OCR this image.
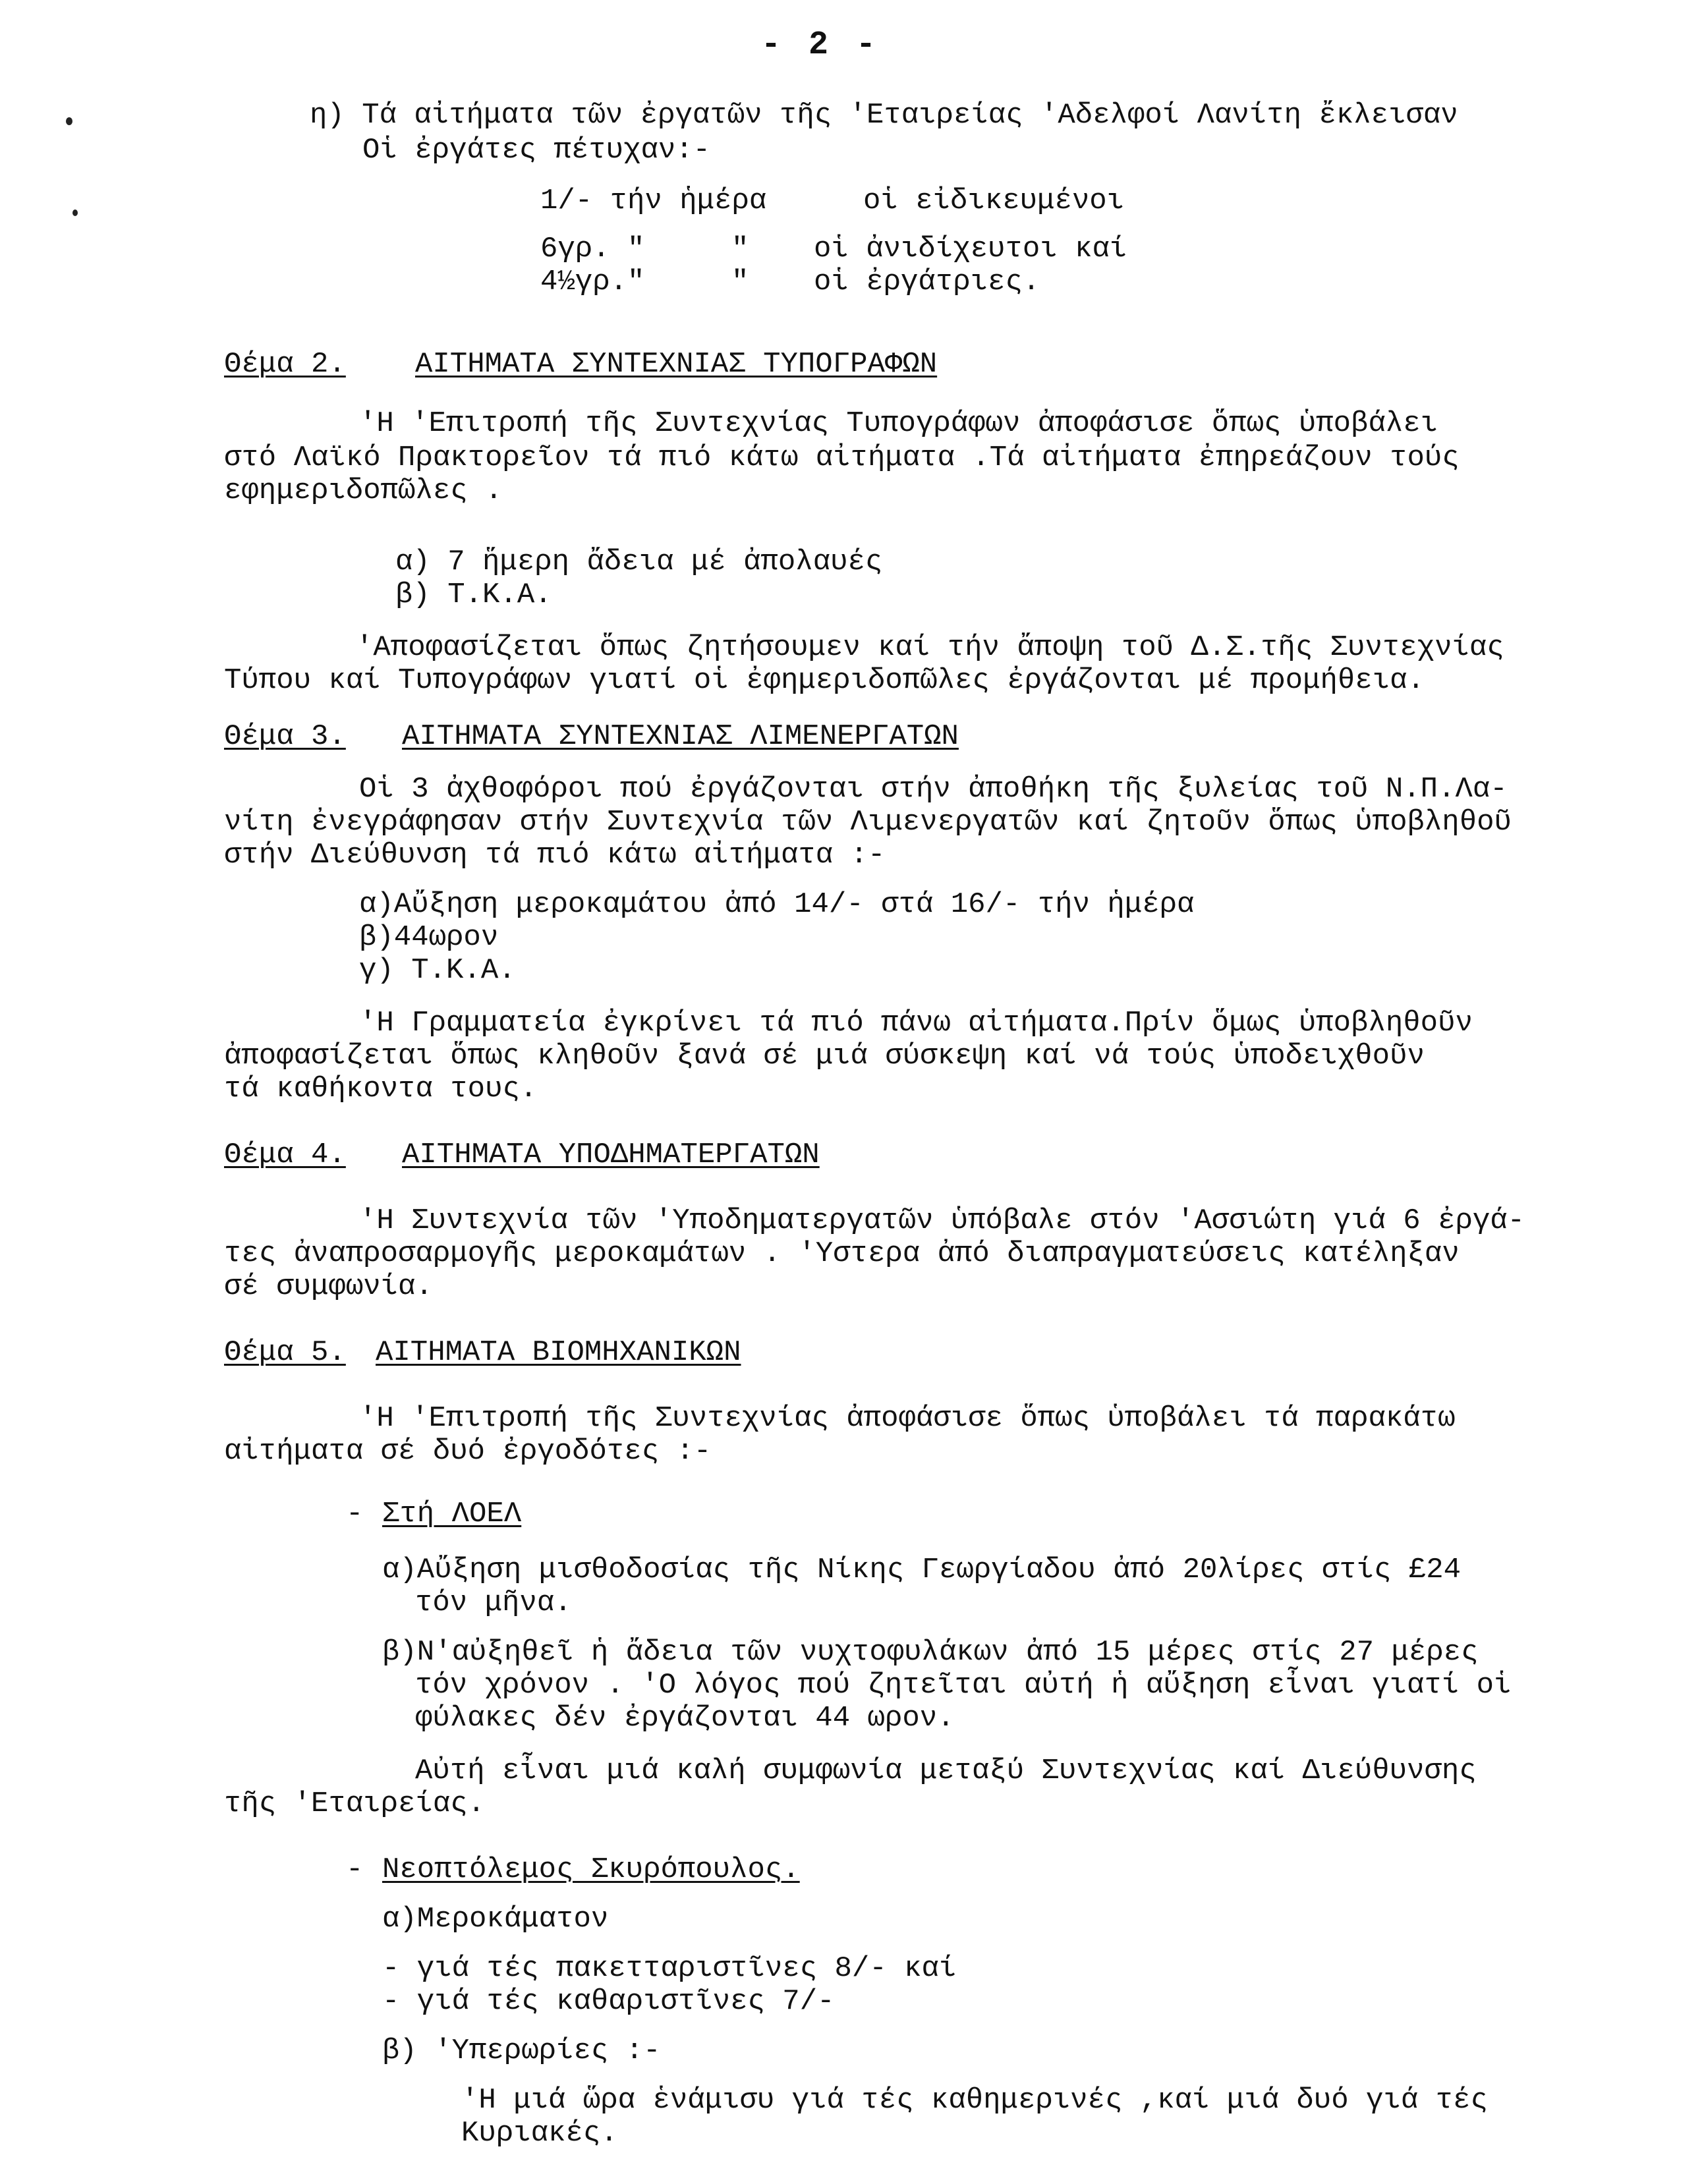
- 2 -
η) Τά αἰτήματα τῶν ἐργατῶν τῆς 'Εταιρείας 'Αδελφοί Λανίτη ἔκλεισαν
Οἱ ἐργάτες πέτυχαν:-
1/- τήν ἡμέρα	οἱ εἰδικευμένοι
6γρ. "	" οἱ ἀνιδίχευτοι καί
4½γρ."	" οἱ ἐργάτριες.
Θέμα 2. ΑΙΤΗΜΑΤΑ ΣΥΝΤΕΧΝΙΑΣ ΤΥΠΟΓΡΑΦΩΝ
'Η 'Επιτροπή τῆς Συντεχνίας Τυπογράφων ἀποφάσισε ὅπως ὑποβάλει
στό Λαϊκό Πρακτορεῖον τά πιό κάτω αἰτήματα .Τά αἰτήματα ἐπηρεάζουν τούς
εφημεριδοπῶλες .
α) 7 ἥμερη ἄδεια μέ ἀπολαυές
β) Τ.Κ.Α.
'Αποφασίζεται ὅπως ζητήσουμεν καί τήν ἄποψη τοῦ Δ.Σ.τῆς Συντεχνίας
Τύπου καί Τυπογράφων γιατί οἱ ἐφημεριδοπῶλες ἐργάζονται μέ προμήθεια.
Θέμα 3. ΑΙΤΗΜΑΤΑ ΣΥΝΤΕΧΝΙΑΣ ΛΙΜΕΝΕΡΓΑΤΩΝ
Οἱ 3 ἀχθοφόροι πού ἐργάζονται στήν ἀποθήκη τῆς ξυλείας τοῦ Ν.Π.Λα-
νίτη ἐνεγράφησαν στήν Συντεχνία τῶν Λιμενεργατῶν καί ζητοῦν ὅπως ὑποβληθοῦ
στήν Διεύθυνση τά πιό κάτω αἰτήματα :-
α)Αὔξηση μεροκαμάτου ἀπό 14/- στά 16/- τήν ἡμέρα
β)44ωρον
γ) Τ.Κ.Α.
'Η Γραμματεία ἐγκρίνει τά πιό πάνω αἰτήματα.Πρίν ὅμως ὑποβληθοῦν
ἀποφασίζεται ὅπως κληθοῦν ξανά σέ μιά σύσκεψη καί νά τούς ὑποδειχθοῦν
τά καθήκοντα τους.
Θέμα 4. ΑΙΤΗΜΑΤΑ ΥΠΟΔΗΜΑΤΕΡΓΑΤΩΝ
'Η Συντεχνία τῶν 'Υποδηματεργατῶν ὑπόβαλε στόν 'Ασσιώτη γιά 6 ἐργά-
τες ἀναπροσαρμογῆς μεροκαμάτων . 'Υστερα ἀπό διαπραγματεύσεις κατέληξαν
σέ συμφωνία.
Θέμα 5. ΑΙΤΗΜΑΤΑ ΒΙΟΜΗΧΑΝΙΚΩΝ
'Η 'Επιτροπή τῆς Συντεχνίας ἀποφάσισε ὅπως ὑποβάλει τά παρακάτω
αἰτήματα σέ δυό ἐργοδότες :-
- Στή ΛΟΕΛ
α)Αὔξηση μισθοδοσίας τῆς Νίκης Γεωργίαδου ἀπό 20λίρες στίς £24
τόν μῆνα.
β)Ν'αὐξηθεῖ ἡ ἄδεια τῶν νυχτοφυλάκων ἀπό 15 μέρες στίς 27 μέρες
τόν χρόνον . 'Ο λόγος πού ζητεῖται αὐτή ἡ αὔξηση εἶναι γιατί οἱ
φύλακες δέν ἐργάζονται 44 ωρον.
Αὐτή εἶναι μιά καλή συμφωνία μεταξύ Συντεχνίας καί Διεύθυνσης
τῆς 'Εταιρείας.
- Νεοπτόλεμος Σκυρόπουλος.
α)Μεροκάματον
- γιά τές πακετταριστῖνες 8/- καί
- γιά τές καθαριστῖνες 7/-
β) 'Υπερωρίες :-
'Η μιά ὥρα ἑνάμισυ γιά τές καθημερινές ,καί μιά δυό γιά τές
Κυριακές.
